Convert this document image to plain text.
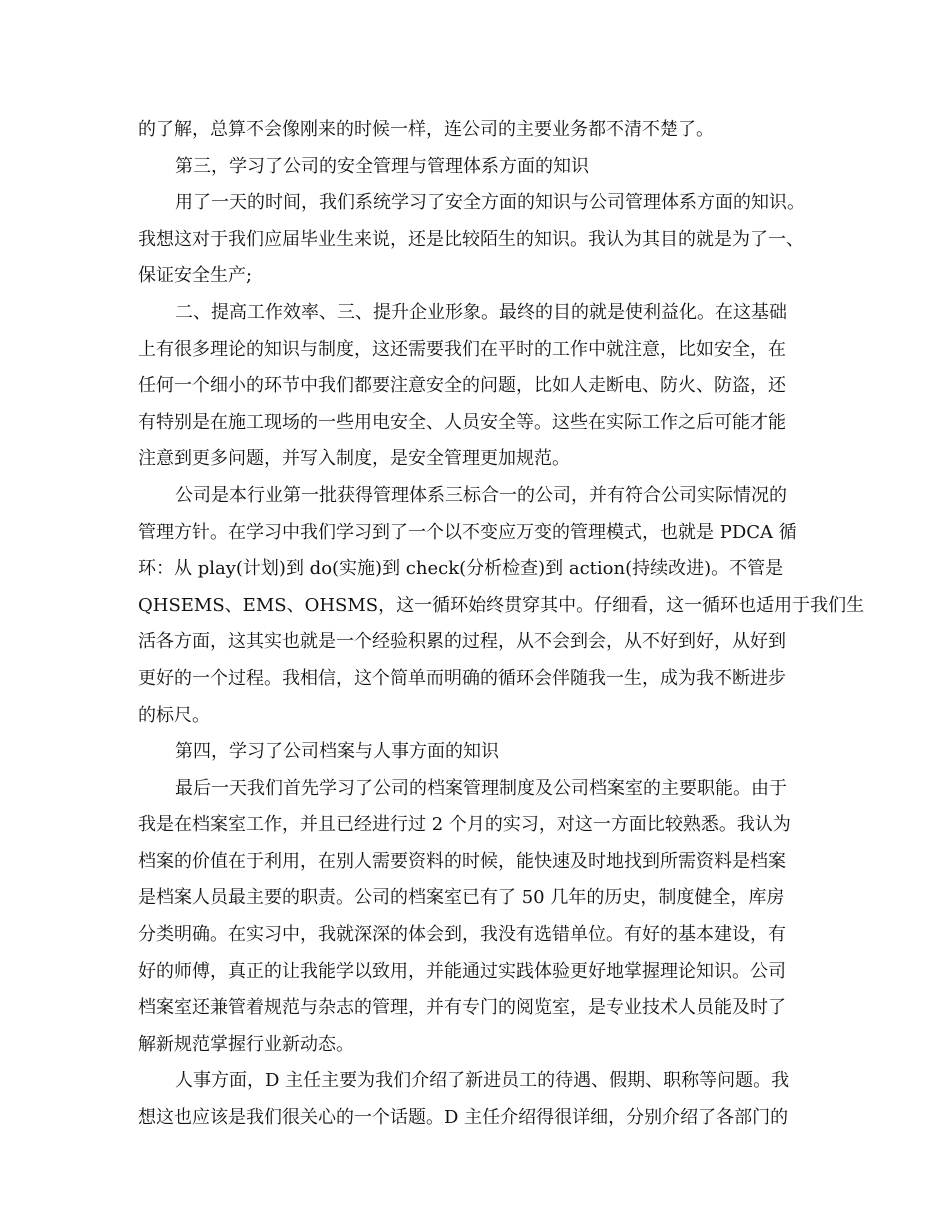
的了解，总算不会像刚来的时候一样，连公司的主要业务都不清不楚了。
第三，学习了公司的安全管理与管理体系方面的知识
用了一天的时间，我们系统学习了安全方面的知识与公司管理体系方面的知识。
我想这对于我们应届毕业生来说，还是比较陌生的知识。我认为其目的就是为了一、
保证安全生产;
二、提高工作效率、三、提升企业形象。最终的目的就是使利益化。在这基础
上有很多理论的知识与制度，这还需要我们在平时的工作中就注意，比如安全，在
任何一个细小的环节中我们都要注意安全的问题，比如人走断电、防火、防盗，还
有特别是在施工现场的一些用电安全、人员安全等。这些在实际工作之后可能才能
注意到更多问题，并写入制度，是安全管理更加规范。
公司是本行业第一批获得管理体系三标合一的公司，并有符合公司实际情况的
管理方针。在学习中我们学习到了一个以不变应万变的管理模式，也就是 PDCA 循
环：从 play(计划)到 do(实施)到 check(分析检查)到 action(持续改进)。不管是
QHSEMS、EMS、OHSMS，这一循环始终贯穿其中。仔细看，这一循环也适用于我们生
活各方面，这其实也就是一个经验积累的过程，从不会到会，从不好到好，从好到
更好的一个过程。我相信，这个简单而明确的循环会伴随我一生，成为我不断进步
的标尺。
第四，学习了公司档案与人事方面的知识
最后一天我们首先学习了公司的档案管理制度及公司档案室的主要职能。由于
我是在档案室工作，并且已经进行过 2 个月的实习，对这一方面比较熟悉。我认为
档案的价值在于利用，在别人需要资料的时候，能快速及时地找到所需资料是档案
是档案人员最主要的职责。公司的档案室已有了 50 几年的历史，制度健全，库房
分类明确。在实习中，我就深深的体会到，我没有选错单位。有好的基本建设，有
好的师傅，真正的让我能学以致用，并能通过实践体验更好地掌握理论知识。公司
档案室还兼管着规范与杂志的管理，并有专门的阅览室，是专业技术人员能及时了
解新规范掌握行业新动态。
人事方面，D 主任主要为我们介绍了新进员工的待遇、假期、职称等问题。我
想这也应该是我们很关心的一个话题。D 主任介绍得很详细，分别介绍了各部门的
